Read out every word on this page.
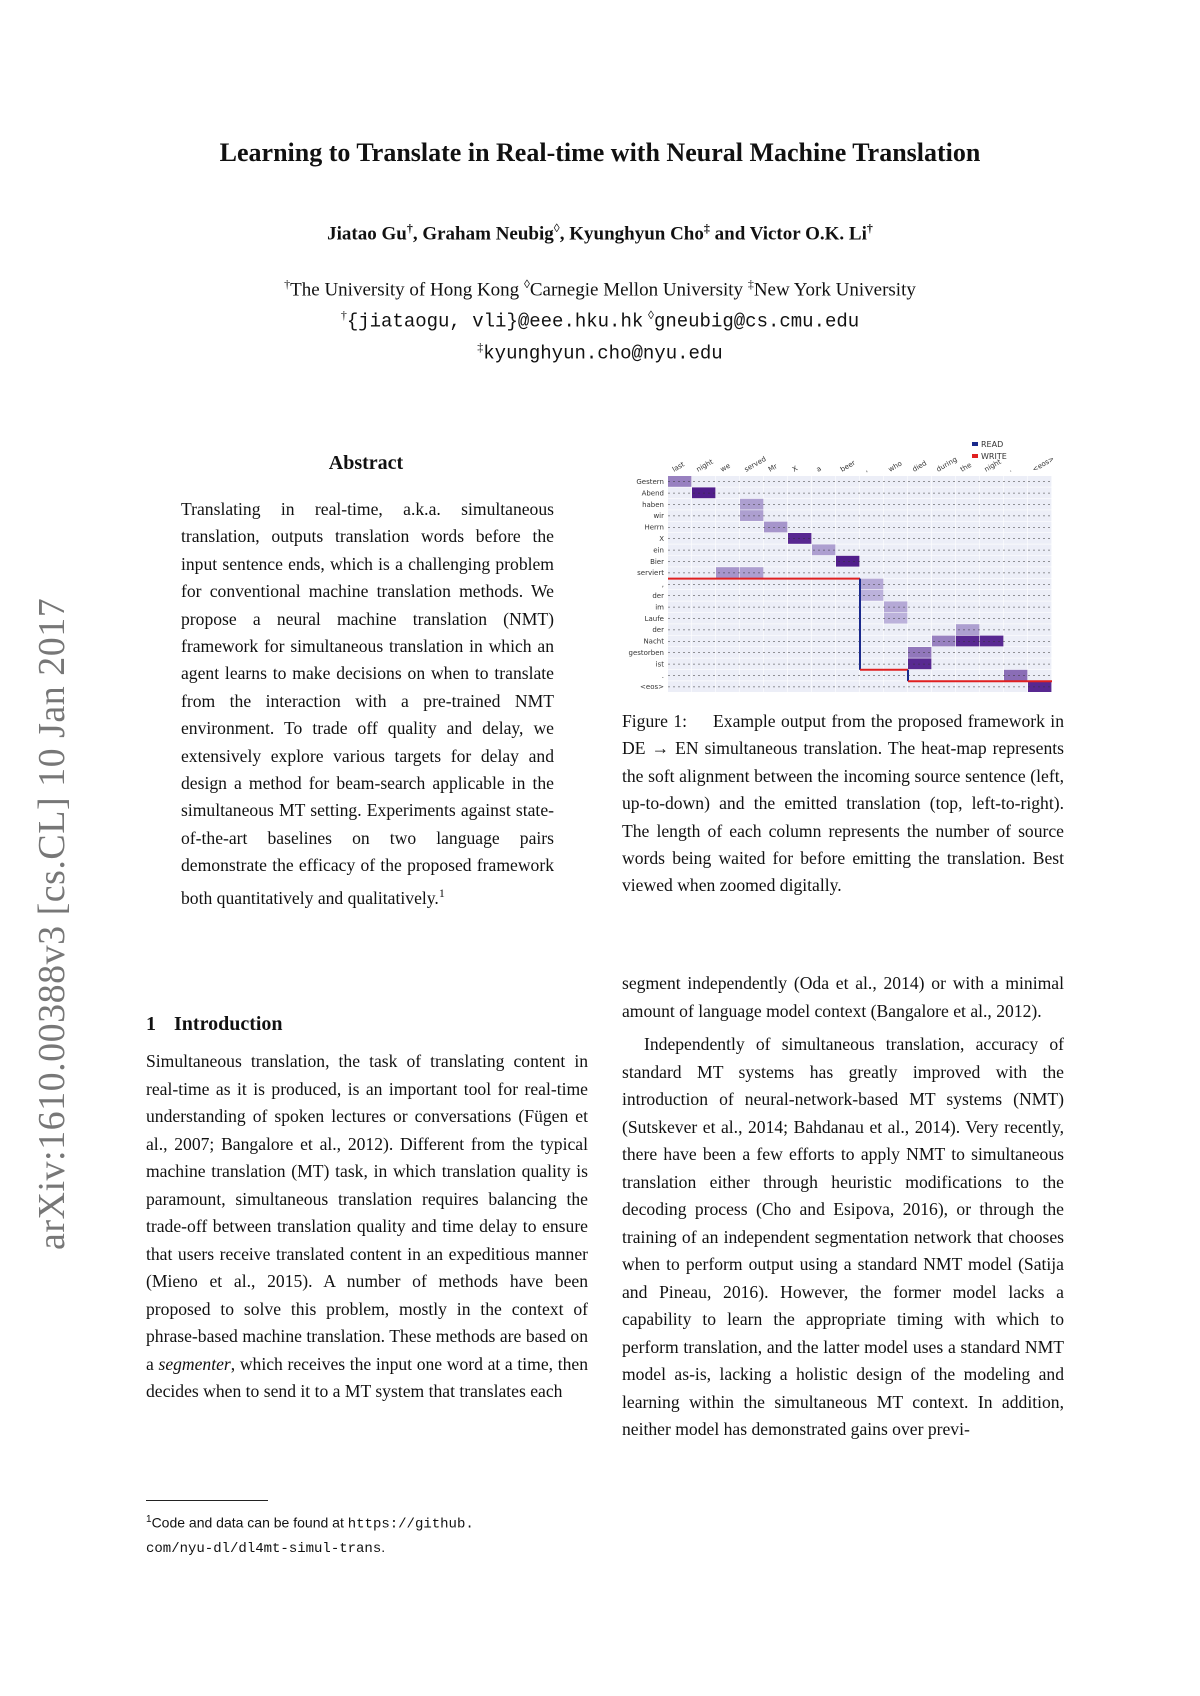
arXiv:1610.00388v3 [cs.CL] 10 Jan 2017
Learning to Translate in Real-time with Neural Machine Translation
Jiatao Gu†, Graham Neubig◊, Kyunghyun Cho‡ and Victor O.K. Li†
†The University of Hong Kong ◊Carnegie Mellon University ‡New York University
†{jiataogu, vli}@eee.hku.hk ◊gneubig@cs.cmu.edu
‡kyunghyun.cho@nyu.edu
Abstract
Translating in real-time, a.k.a. simultaneous translation, outputs translation words before the input sentence ends, which is a challenging problem for conventional machine translation methods. We propose a neural machine translation (NMT) framework for simultaneous translation in which an agent learns to make decisions on when to translate from the interaction with a pre-trained NMT environment. To trade off quality and delay, we extensively explore various targets for delay and design a method for beam-search applicable in the simultaneous MT setting. Experiments against state-of-the-art baselines on two language pairs demonstrate the efficacy of the proposed framework both quantitatively and qualitatively.$^1$
1 Introduction

Simultaneous translation, the task of translating content in real-time as it is produced, is an important tool for real-time understanding of spoken lectures or conversations (Fügen et al., 2007; Bangalore et al., 2012). Different from the typical machine translation (MT) task, in which translation quality is paramount, simultaneous translation requires balancing the trade-off between translation quality and time delay to ensure that users receive translated content in an expeditious manner (Mieno et al., 2015). A number of methods have been proposed to solve this problem, mostly in the context of phrase-based machine translation. These methods are based on a segmenter, which receives the input one word at a time, then decides when to send it to a MT system that translates each

$^1$Code and data can be found at https://github.
com/nyu-dl/dl4mt-simul-trans.
Gestern
Abend
haben
wir
Herrn
X
ein
Bier
serviert
,
der
im
Laufe
der
Nacht
gestorben
ist
.
<eos>
last night we served Mr X a beer ,	who died during the night .	<eos>
READ
WRITE
Figure 1: Example output from the proposed framework in DE → EN simultaneous translation. The heat-map represents the soft alignment between the incoming source sentence (left, up-to-down) and the emitted translation (top, left-to-right). The length of each column represents the number of source words being waited for before emitting the translation. Best viewed when zoomed digitally.

segment independently (Oda et al., 2014) or with a minimal amount of language model context (Bangalore et al., 2012).

Independently of simultaneous translation, accuracy of standard MT systems has greatly improved with the introduction of neural-network-based MT systems (NMT) (Sutskever et al., 2014; Bahdanau et al., 2014). Very recently, there have been a few efforts to apply NMT to simultaneous translation either through heuristic modifications to the decoding process (Cho and Esipova, 2016), or through the training of an independent segmentation network that chooses when to perform output using a standard NMT model (Satija and Pineau, 2016). However, the former model lacks a capability to learn the appropriate timing with which to perform translation, and the latter model uses a standard NMT model as-is, lacking a holistic design of the modeling and learning within the simultaneous MT context. In addition, neither model has demonstrated gains over previ-
